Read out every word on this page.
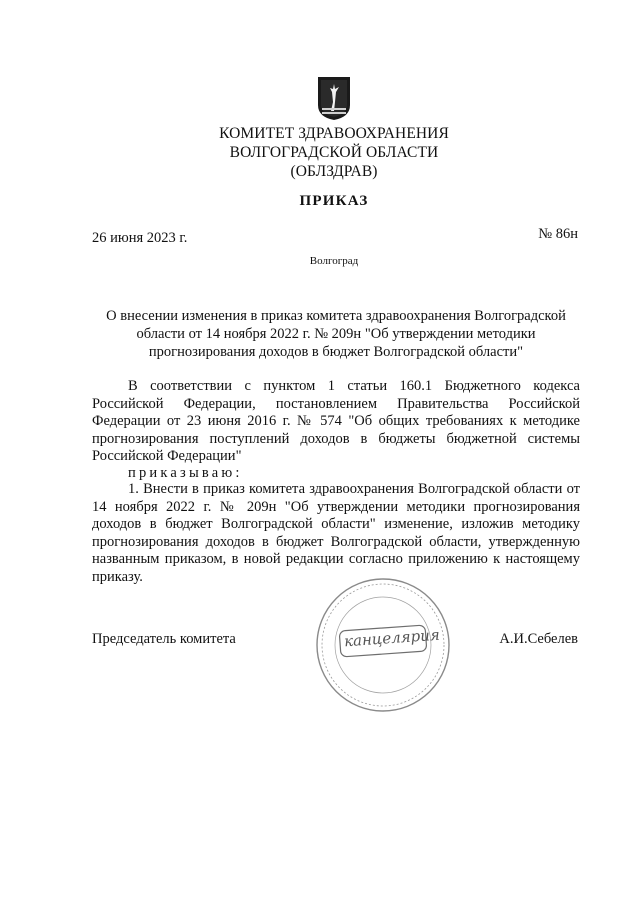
КОМИТЕТ ЗДРАВООХРАНЕНИЯ
ВОЛГОГРАДСКОЙ ОБЛАСТИ
(ОБЛЗДРАВ)
ПРИКАЗ
26 июня 2023 г.	№ 86н
Волгоград
О внесении изменения в приказ комитета здравоохранения Волгоградской области от 14 ноября 2022 г. № 209н "Об утверждении методики прогнозирования доходов в бюджет Волгоградской области"
В соответствии с пунктом 1 статьи 160.1 Бюджетного кодекса Российской Федерации, постановлением Правительства Российской Федерации от 23 июня 2016 г. № 574 "Об общих требованиях к методике прогнозирования поступлений доходов в бюджеты бюджетной системы Российской Федерации"
приказываю:
1. Внести в приказ комитета здравоохранения Волгоградской области от 14 ноября 2022 г. № 209н "Об утверждении методики прогнозирования доходов в бюджет Волгоградской области" изменение, изложив методику прогнозирования доходов в бюджет Волгоградской области, утвержденную названным приказом, в новой редакции согласно приложению к настоящему приказу.
канцелярия
Председатель комитета	А.И.Себелев
